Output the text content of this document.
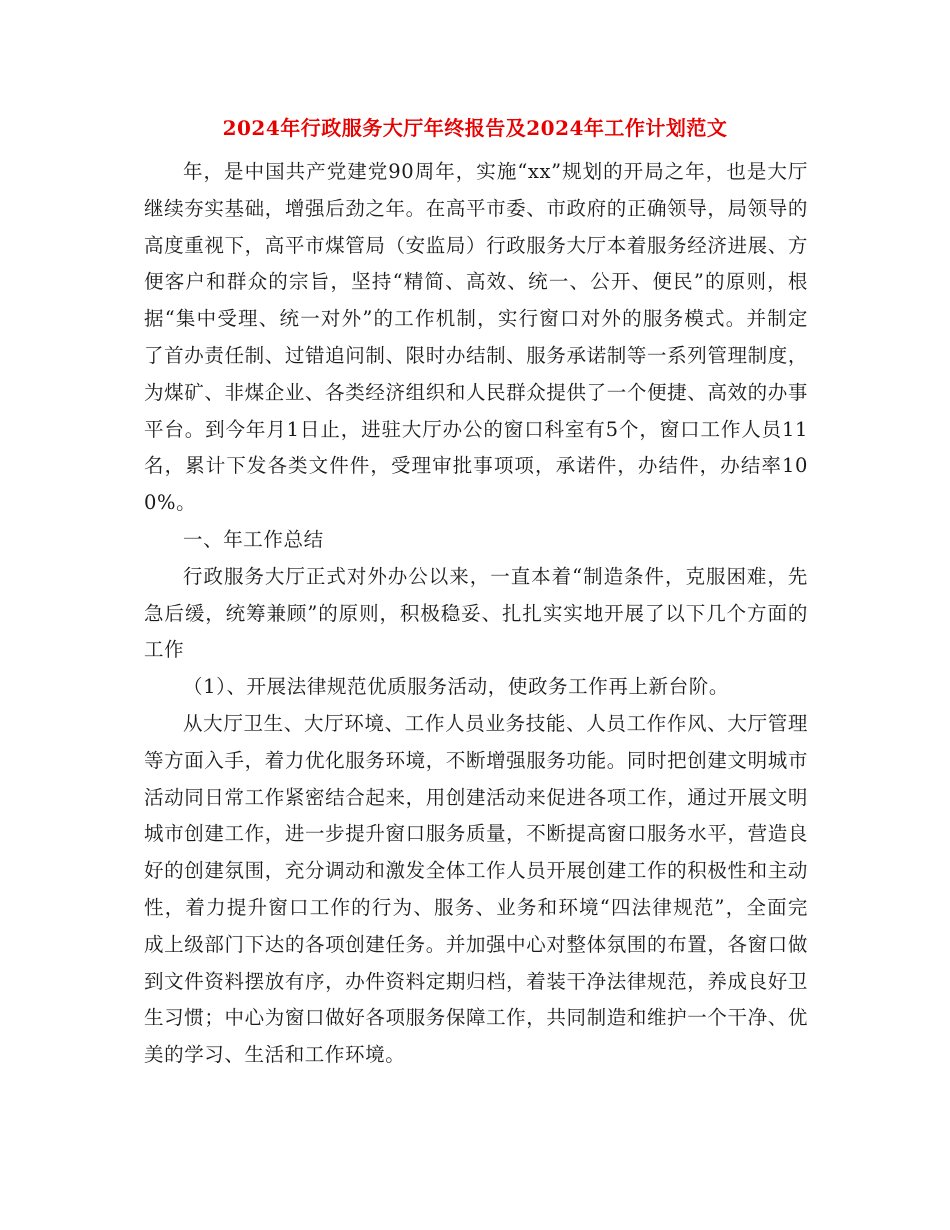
2024年行政服务大厅年终报告及2024年工作计划范文

年，是中国共产党建党90周年，实施“xx”规划的开局之年，也是大厅继续夯实基础，增强后劲之年。在高平市委、市政府的正确领导，局领导的高度重视下，高平市煤管局（安监局）行政服务大厅本着服务经济进展、方便客户和群众的宗旨，坚持“精简、高效、统一、公开、便民”的原则，根据“集中受理、统一对外”的工作机制，实行窗口对外的服务模式。并制定了首办责任制、过错追问制、限时办结制、服务承诺制等一系列管理制度，为煤矿、非煤企业、各类经济组织和人民群众提供了一个便捷、高效的办事平台。到今年月1日止，进驻大厅办公的窗口科室有5个，窗口工作人员11名，累计下发各类文件件，受理审批事项项，承诺件，办结件，办结率100%。

一、年工作总结

行政服务大厅正式对外办公以来，一直本着“制造条件，克服困难，先急后缓，统筹兼顾”的原则，积极稳妥、扎扎实实地开展了以下几个方面的工作

（1）、开展法律规范优质服务活动，使政务工作再上新台阶。

从大厅卫生、大厅环境、工作人员业务技能、人员工作作风、大厅管理等方面入手，着力优化服务环境，不断增强服务功能。同时把创建文明城市活动同日常工作紧密结合起来，用创建活动来促进各项工作，通过开展文明城市创建工作，进一步提升窗口服务质量，不断提高窗口服务水平，营造良好的创建氛围，充分调动和激发全体工作人员开展创建工作的积极性和主动性，着力提升窗口工作的行为、服务、业务和环境“四法律规范”，全面完成上级部门下达的各项创建任务。并加强中心对整体氛围的布置，各窗口做到文件资料摆放有序，办件资料定期归档，着装干净法律规范，养成良好卫生习惯；中心为窗口做好各项服务保障工作，共同制造和维护一个干净、优美的学习、生活和工作环境。
